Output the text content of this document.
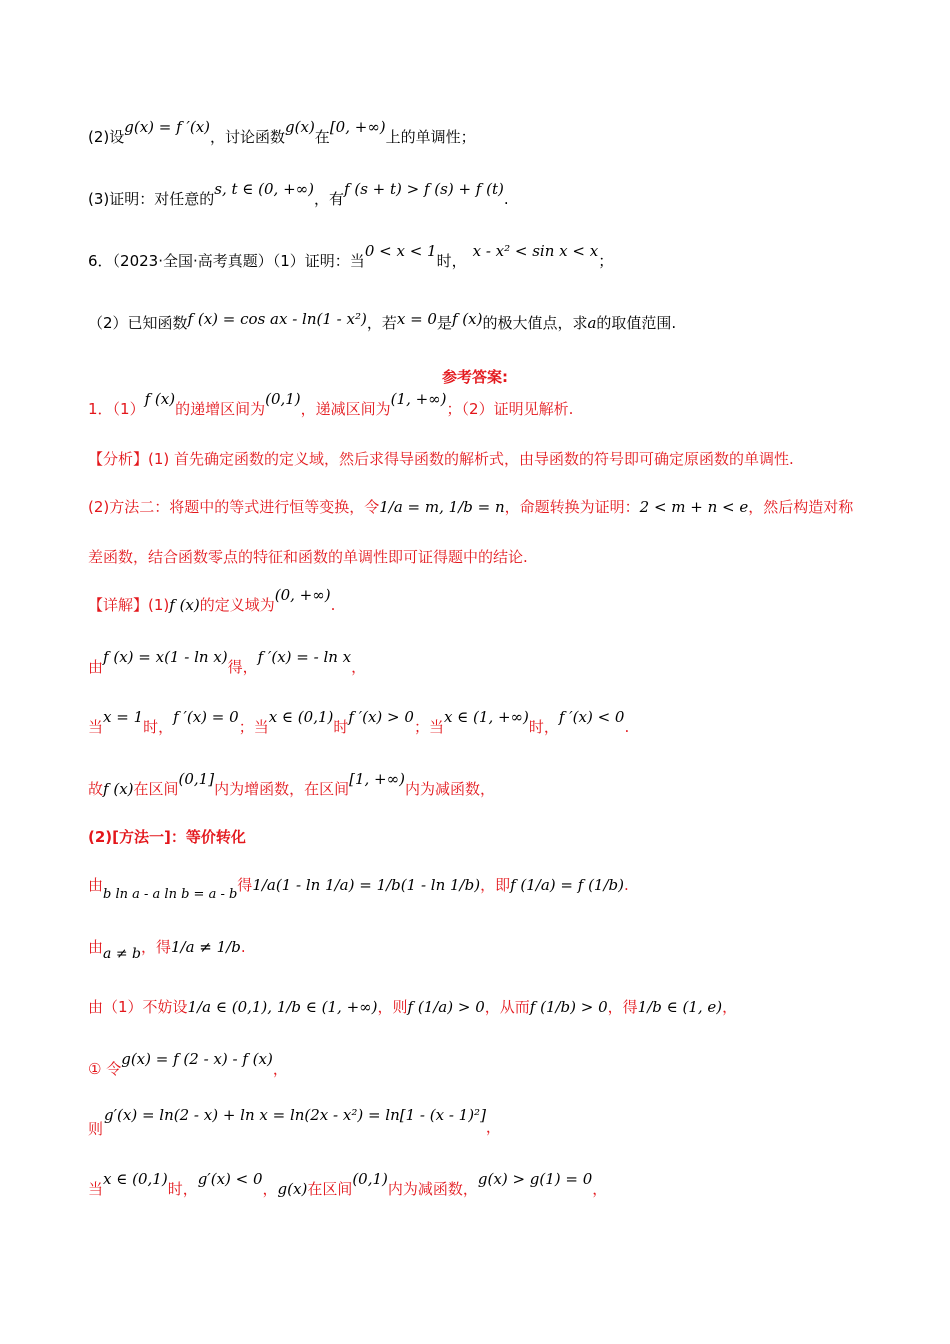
(2)设g(x) = f ′(x)，讨论函数g(x)在[0, +∞)上的单调性；
(3)证明：对任意的s, t ∈ (0, +∞)，有f (s + t) > f (s) + f (t).
6．（2023·全国·高考真题）（1）证明：当0 < x < 1时，x - x² < sin x < x；
（2）已知函数f (x) = cos ax - ln(1 - x²)，若x = 0是f (x)的极大值点，求a的取值范围.
参考答案:
1．（1）f (x)的递增区间为(0,1)，递减区间为(1, +∞)；（2）证明见解析.
【分析】(1) 首先确定函数的定义域，然后求得导函数的解析式，由导函数的符号即可确定原函数的单调性.
(2)方法二：将题中的等式进行恒等变换，令1/a = m, 1/b = n，命题转换为证明：2 < m + n < e，然后构造对称
差函数，结合函数零点的特征和函数的单调性即可证得题中的结论.
【详解】(1)f (x)的定义域为(0, +∞).
由f (x) = x(1 - ln x)得，f ′(x) = - ln x，
当x = 1时，f ′(x) = 0；当x ∈ (0,1)时f ′(x) > 0；当x ∈ (1, +∞)时，f ′(x) < 0.
故f (x)在区间(0,1]内为增函数，在区间[1, +∞)内为减函数，
(2)[方法一]：等价转化
由b ln a - a ln b = a - b得1/a(1 - ln 1/a) = 1/b(1 - ln 1/b)，即f (1/a) = f (1/b).
由a ≠ b，得1/a ≠ 1/b.
由（1）不妨设1/a ∈ (0,1), 1/b ∈ (1, +∞)，则f (1/a) > 0，从而f (1/b) > 0，得1/b ∈ (1, e)，
① 令g(x) = f (2 - x) - f (x)，
g′(x) = ln(2 - x) + ln x = ln(2x - x²) = ln[1 - (x - 1)²]，
则
当x ∈ (0,1)时，g′(x) < 0，g(x)在区间(0,1)内为减函数，g(x) > g(1) = 0，
